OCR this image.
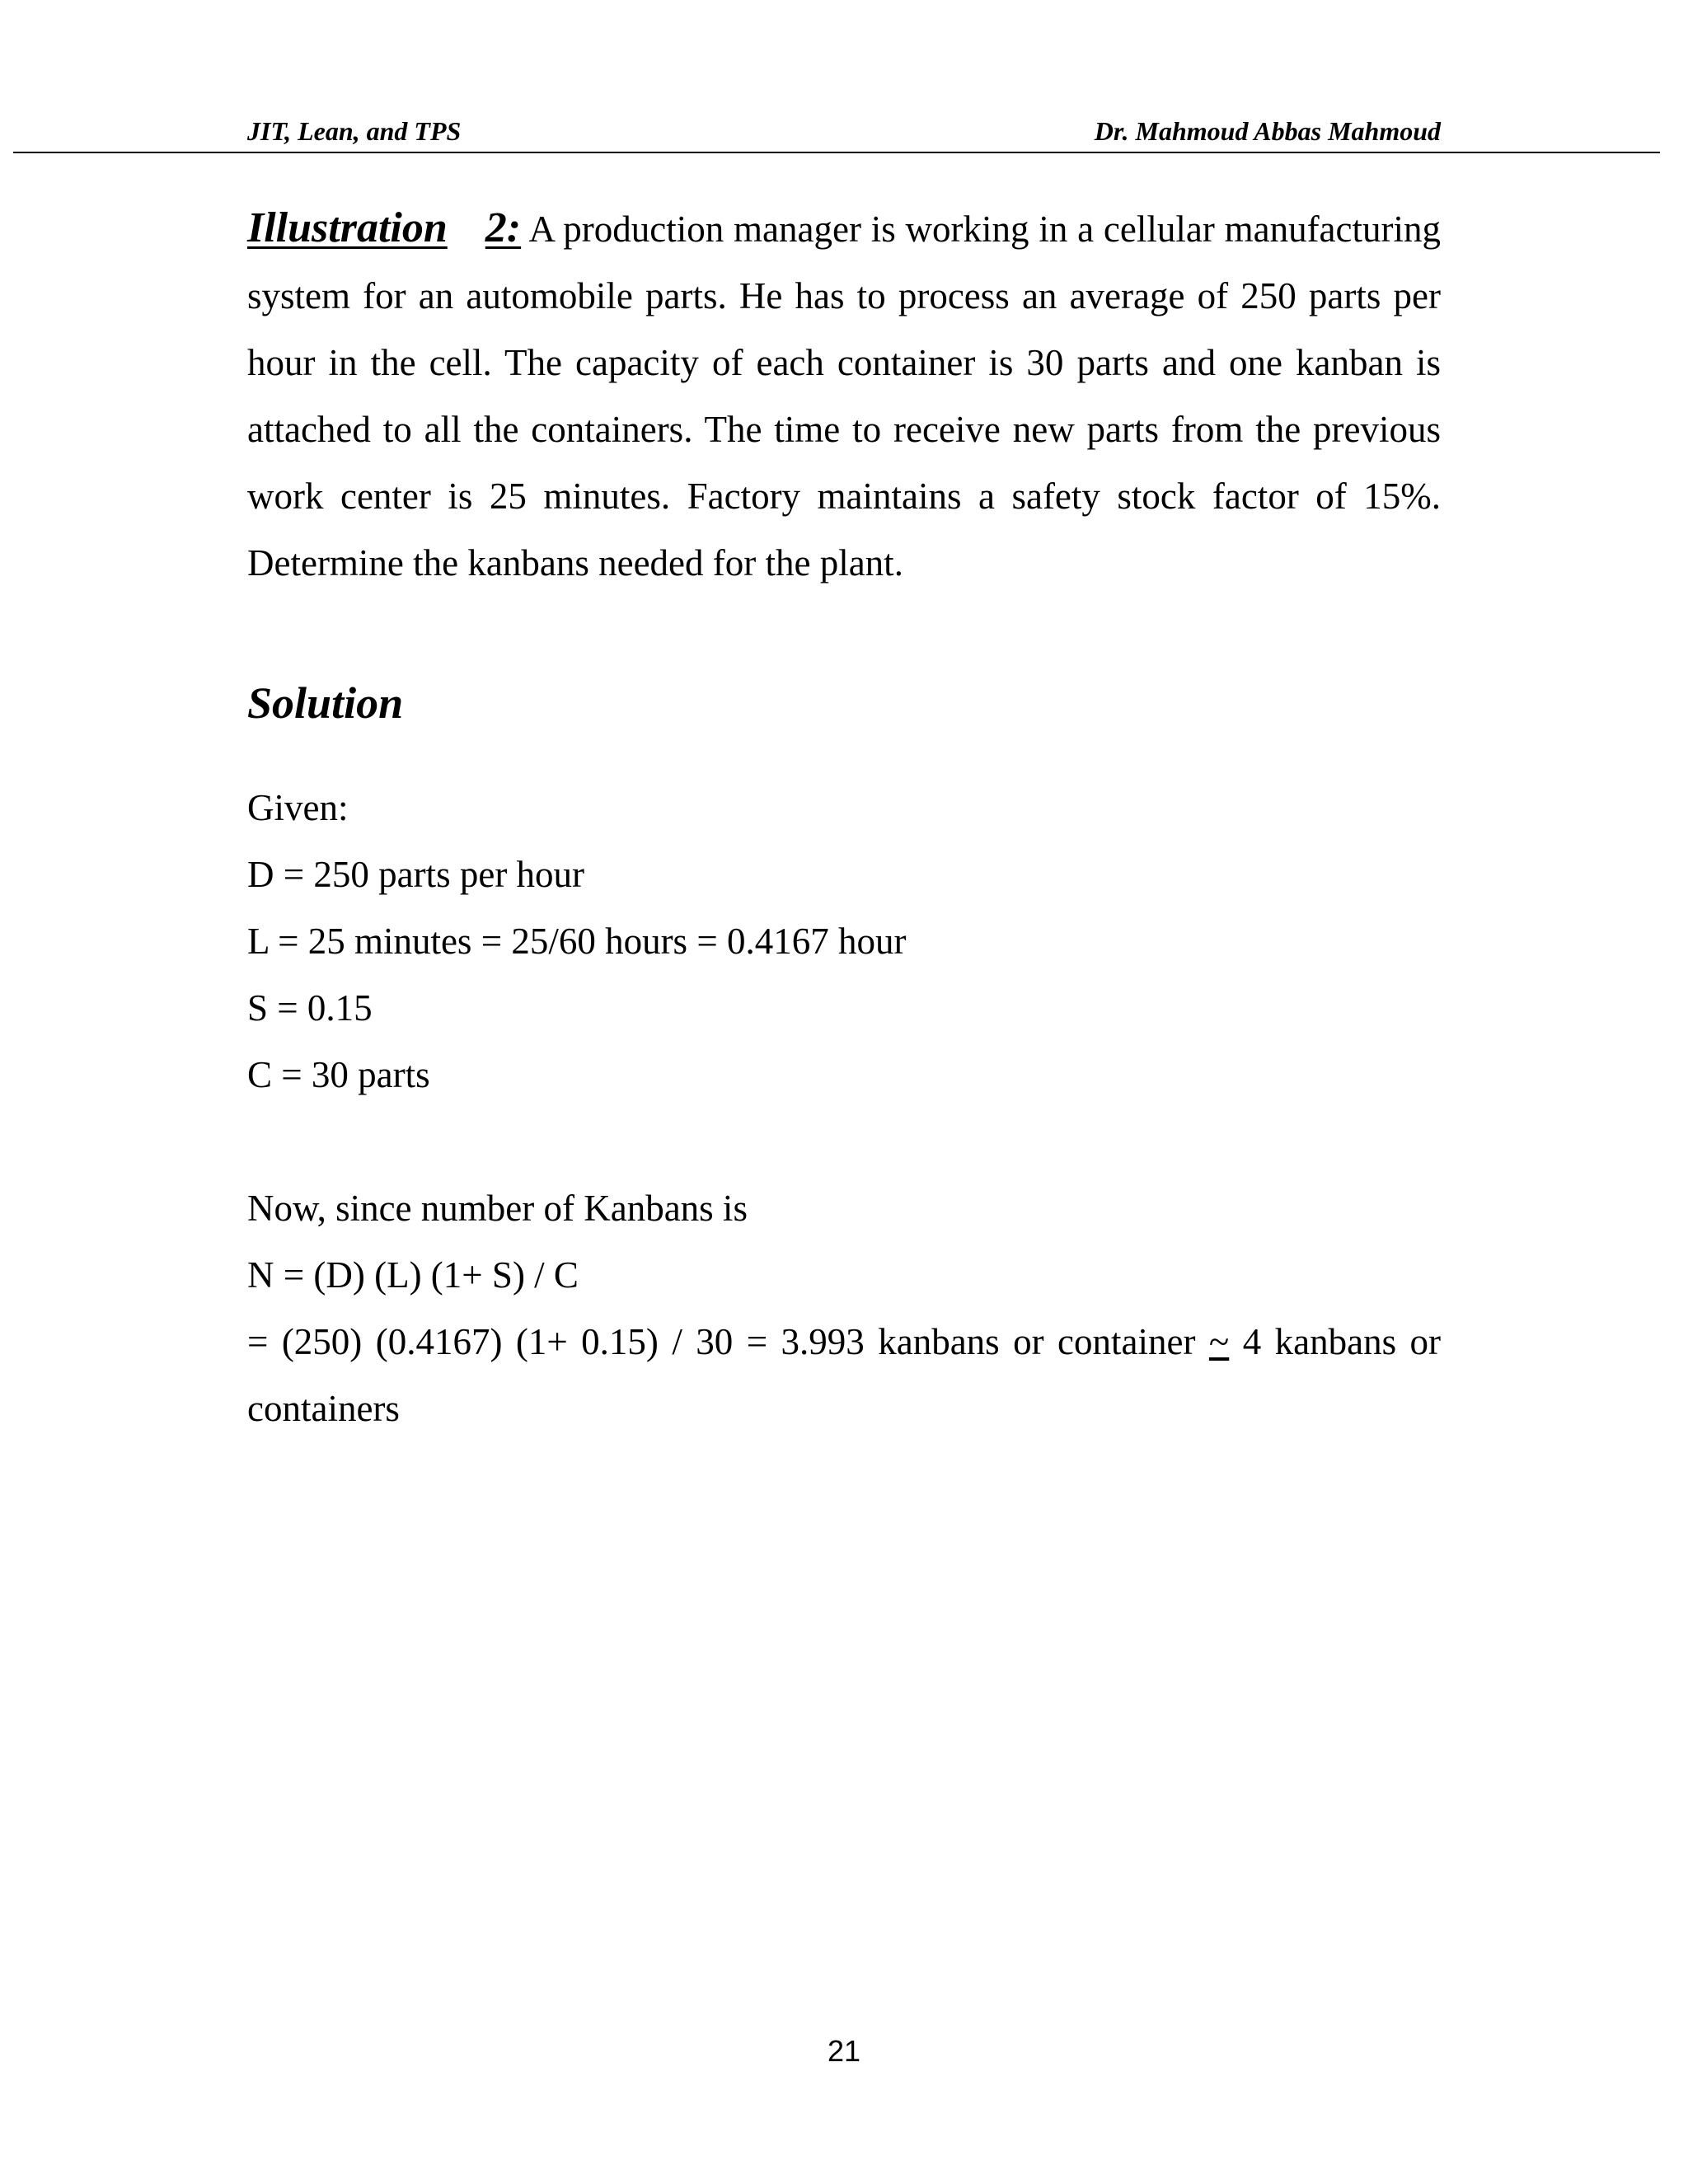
JIT, Lean, and TPS	Dr. Mahmoud Abbas Mahmoud

Illustration 2: A production manager is working in a cellular manufacturing system for an automobile parts. He has to process an average of 250 parts per hour in the cell. The capacity of each container is 30 parts and one kanban is attached to all the containers. The time to receive new parts from the previous work center is 25 minutes. Factory maintains a safety stock factor of 15%. Determine the kanbans needed for the plant.

Solution

Given:

D = 250 parts per hour

L = 25 minutes = 25/60 hours = 0.4167 hour

S = 0.15

C = 30 parts

Now, since number of Kanbans is

N = (D) (L) (1+ S) / C

= (250) (0.4167) (1+ 0.15) / 30 = 3.993 kanbans or container ~ 4 kanbans or containers

21
